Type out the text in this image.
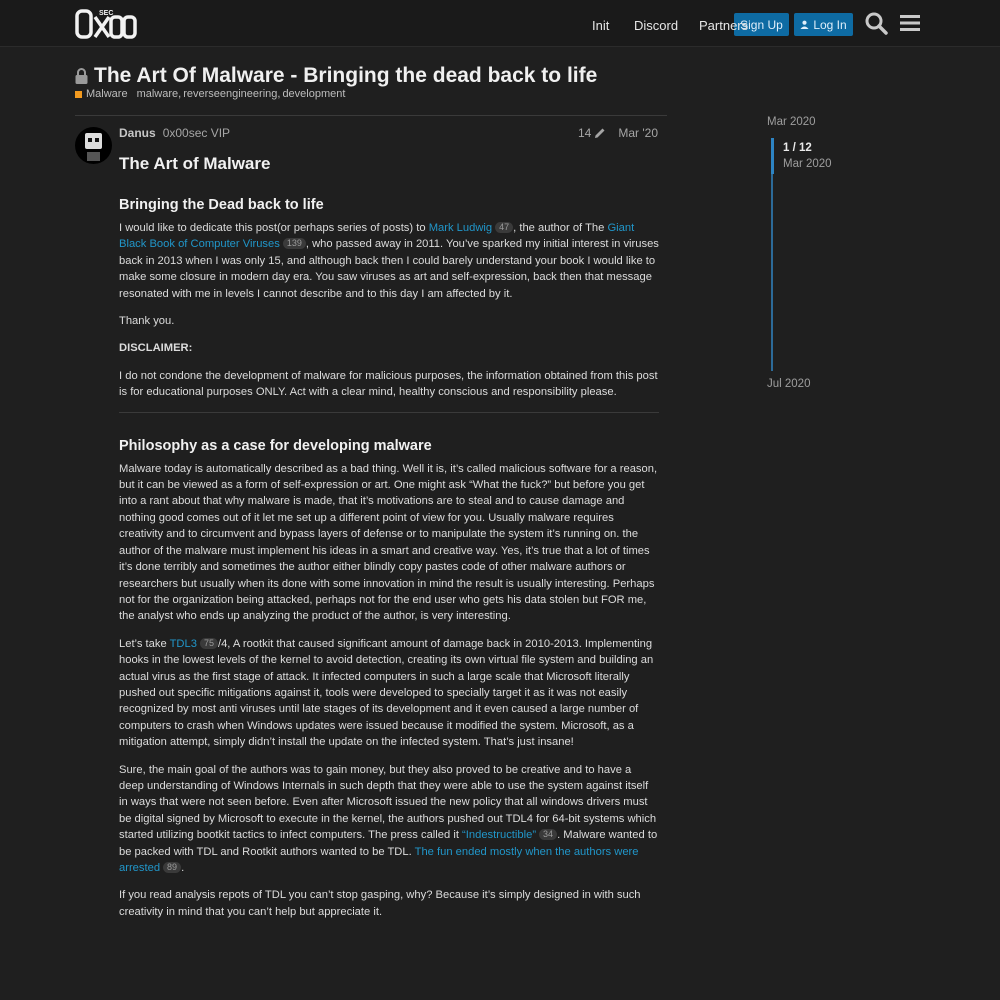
SEC
Init Discord Partners
Sign Up	Log In
The Art Of Malware - Bringing the dead back to life
Malware malware, reverseengineering, development
Danus 0x00sec VIP	14 Mar '20
The Art of Malware
Bringing the Dead back to life

I would like to dedicate this post(or perhaps series of posts) to Mark Ludwig 47 , the author of The Giant Black Book of Computer Viruses 139 , who passed away in 2011. You’ve sparked my initial interest in viruses back in 2013 when I was only 15, and although back then I could barely understand your book I would like to make some closure in modern day era. You saw viruses as art and self-expression, back then that message resonated with me in levels I cannot describe and to this day I am affected by it.

Thank you.

DISCLAIMER:

I do not condone the development of malware for malicious purposes, the information obtained from this post is for educational purposes ONLY. Act with a clear mind, healthy conscious and responsibility please.

Philosophy as a case for developing malware

Malware today is automatically described as a bad thing. Well it is, it’s called malicious software for a reason, but it can be viewed as a form of self-expression or art. One might ask “What the fuck?” but before you get into a rant about that why malware is made, that it’s motivations are to steal and to cause damage and nothing good comes out of it let me set up a different point of view for you. Usually malware requires creativity and to circumvent and bypass layers of defense or to manipulate the system it’s running on. the author of the malware must implement his ideas in a smart and creative way. Yes, it’s true that a lot of times it’s done terribly and sometimes the author either blindly copy pastes code of other malware authors or researchers but usually when its done with some innovation in mind the result is usually interesting. Perhaps not for the organization being attacked, perhaps not for the end user who gets his data stolen but FOR me, the analyst who ends up analyzing the product of the author, is very interesting.

Let’s take TDL3 75 /4, A rootkit that caused significant amount of damage back in 2010-2013. Implementing hooks in the lowest levels of the kernel to avoid detection, creating its own virtual file system and building an actual virus as the first stage of attack. It infected computers in such a large scale that Microsoft literally pushed out specific mitigations against it, tools were developed to specially target it as it was not easily recognized by most anti viruses until late stages of its development and it even caused a large number of computers to crash when Windows updates were issued because it modified the system. Microsoft, as a mitigation attempt, simply didn’t install the update on the infected system. That’s just insane!

Sure, the main goal of the authors was to gain money, but they also proved to be creative and to have a deep understanding of Windows Internals in such depth that they were able to use the system against itself in ways that were not seen before. Even after Microsoft issued the new policy that all windows drivers must be digital signed by Microsoft to execute in the kernel, the authors pushed out TDL4 for 64-bit systems which started utilizing bootkit tactics to infect computers. The press called it “Indestructible” 34 . Malware wanted to be packed with TDL and Rootkit authors wanted to be TDL. The fun ended mostly when the authors were arrested 89 .

If you read analysis repots of TDL you can’t stop gasping, why? Because it’s simply designed in with such creativity in mind that you can’t help but appreciate it.

Mar 2020
1 / 12
Mar 2020
Jul 2020
